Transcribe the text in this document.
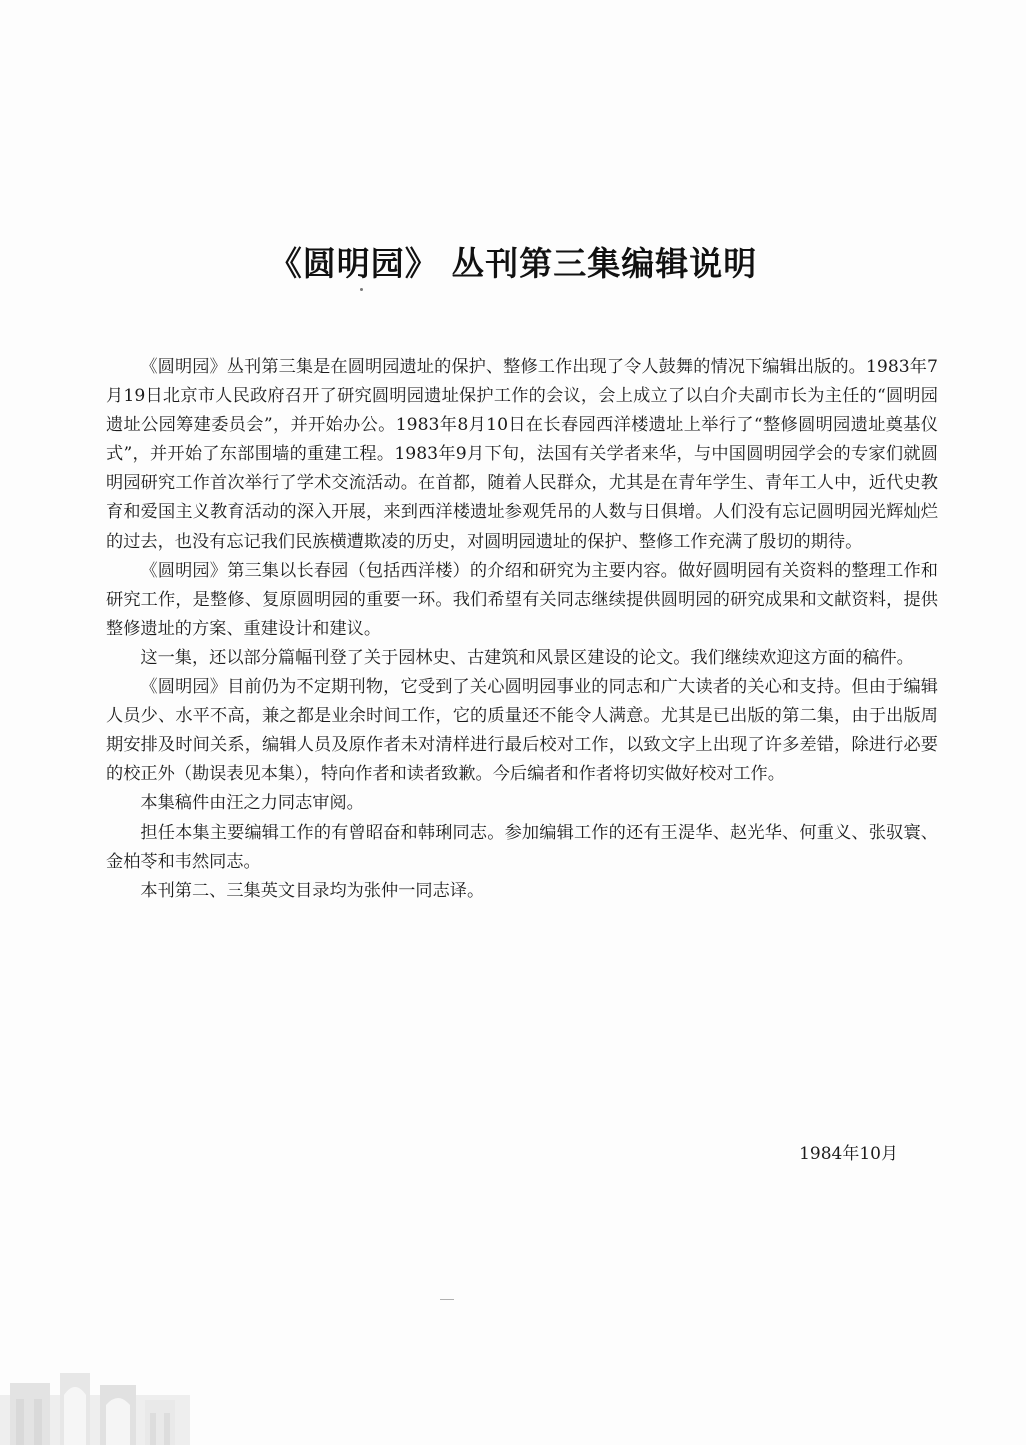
《圆明园》 丛刊第三集编辑说明

《圆明园》丛刊第三集是在圆明园遗址的保护、整修工作出现了令人鼓舞的情况下编辑出版的。1983年7月19日北京市人民政府召开了研究圆明园遗址保护工作的会议，会上成立了以白介夫副市长为主任的“圆明园遗址公园筹建委员会”，并开始办公。1983年8月10日在长春园西洋楼遗址上举行了“整修圆明园遗址奠基仪式”，并开始了东部围墙的重建工程。1983年9月下旬，法国有关学者来华，与中国圆明园学会的专家们就圆明园研究工作首次举行了学术交流活动。在首都，随着人民群众，尤其是在青年学生、青年工人中，近代史教育和爱国主义教育活动的深入开展，来到西洋楼遗址参观凭吊的人数与日俱增。人们没有忘记圆明园光辉灿烂的过去，也没有忘记我们民族横遭欺凌的历史，对圆明园遗址的保护、整修工作充满了殷切的期待。

《圆明园》第三集以长春园（包括西洋楼）的介绍和研究为主要内容。做好圆明园有关资料的整理工作和研究工作，是整修、复原圆明园的重要一环。我们希望有关同志继续提供圆明园的研究成果和文献资料，提供整修遗址的方案、重建设计和建议。

这一集，还以部分篇幅刊登了关于园林史、古建筑和风景区建设的论文。我们继续欢迎这方面的稿件。

《圆明园》目前仍为不定期刊物，它受到了关心圆明园事业的同志和广大读者的关心和支持。但由于编辑人员少、水平不高，兼之都是业余时间工作，它的质量还不能令人满意。尤其是已出版的第二集，由于出版周期安排及时间关系，编辑人员及原作者未对清样进行最后校对工作，以致文字上出现了许多差错，除进行必要的校正外（勘误表见本集），特向作者和读者致歉。今后编者和作者将切实做好校对工作。

本集稿件由汪之力同志审阅。

担任本集主要编辑工作的有曾昭奋和韩琍同志。参加编辑工作的还有王湜华、赵光华、何重义、张驭寰、金柏苓和韦然同志。

本刊第二、三集英文目录均为张仲一同志译。

1984年10月
